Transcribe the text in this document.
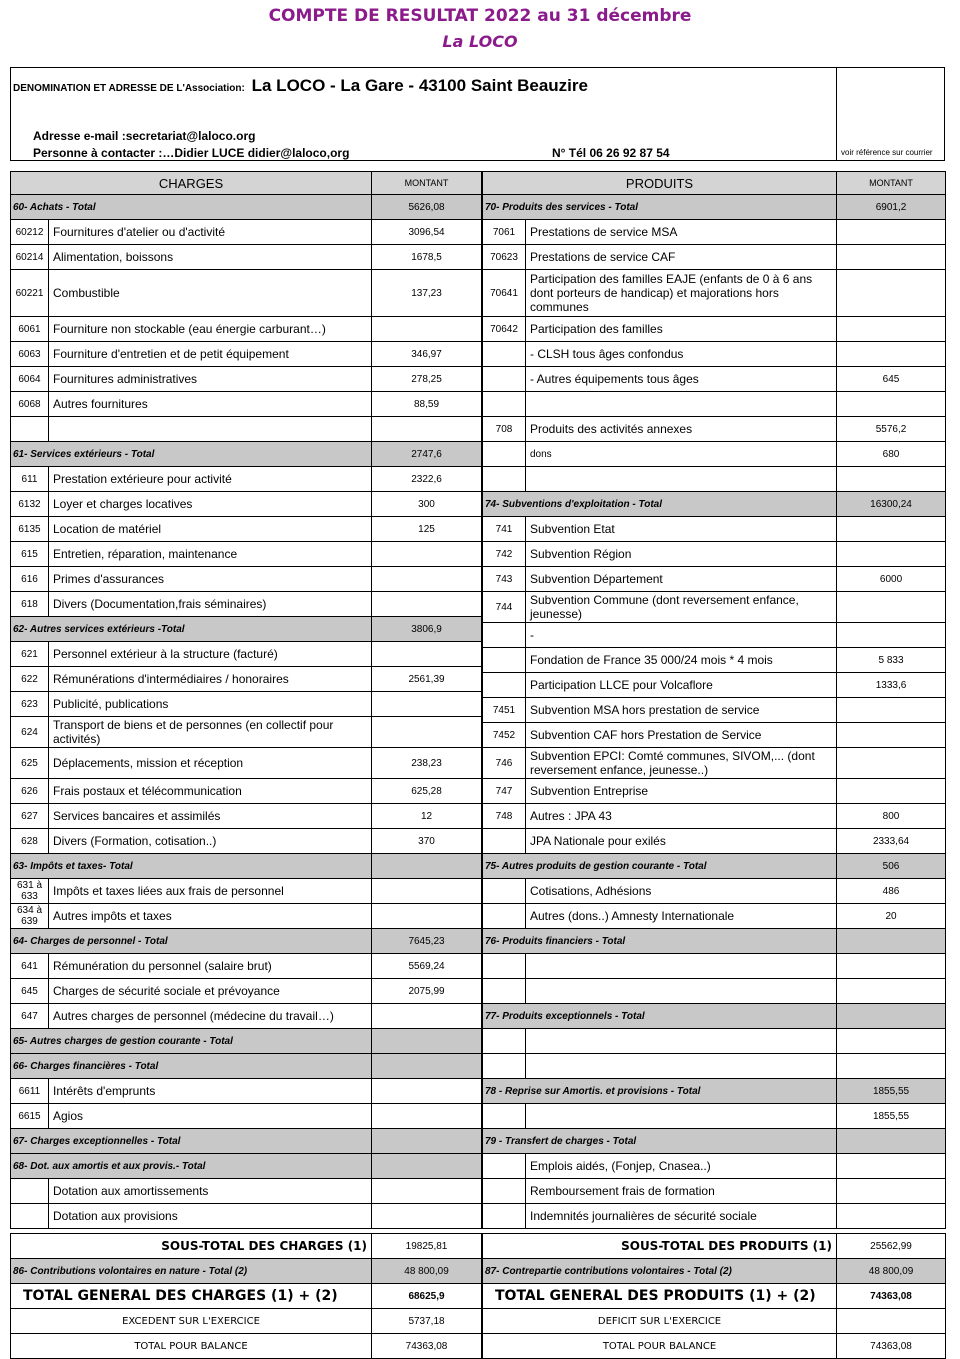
COMPTE DE RESULTAT 2022 au 31 décembre
La LOCO
DENOMINATION ET ADRESSE DE L'Association: La LOCO - La Gare - 43100 Saint Beauzire
Adresse e-mail :secretariat@laloco.org
Personne à contacter :…Didier LUCE didier@laloco,org	N° Tél 06 26 92 87 54	voir référence sur courrier
CHARGES		MONTANT
60- Achats - Total		5626,08
60212	Fournitures d'atelier ou d'activité	3096,54
60214	Alimentation, boissons	1678,5
60221	Combustible	137,23
6061	Fourniture non stockable (eau énergie carburant…)	
6063	Fourniture d'entretien et de petit équipement	346,97
6064	Fournitures administratives	278,25
6068	Autres fournitures	88,59

61- Services extérieurs - Total		2747,6
611	Prestation extérieure pour activité	2322,6
6132	Loyer et charges locatives	300
6135	Location de matériel	125
615	Entretien, réparation, maintenance	
616	Primes d'assurances	
618	Divers (Documentation,frais séminaires)	
62- Autres services extérieurs -Total		3806,9
621	Personnel extérieur à la structure (facturé)	
622	Rémunérations d'intermédiaires / honoraires	2561,39
623	Publicité, publications	
624	Transport de biens et de personnes (en collectif pour activités)	
625	Déplacements, mission et réception	238,23
626	Frais postaux et télécommunication	625,28
627	Services bancaires et assimilés	12
628	Divers (Formation, cotisation..)	370
63- Impôts et taxes- Total		
631 à 633	Impôts et taxes liées aux frais de personnel	
634 à 639	Autres impôts et taxes	
64- Charges de personnel - Total		7645,23
641	Rémunération du personnel (salaire brut)	5569,24
645	Charges de sécurité sociale et prévoyance	2075,99
647	Autres charges de personnel (médecine du travail…)	
65- Autres charges de gestion courante - Total		
66- Charges financières - Total		
6611	Intérêts d'emprunts	
6615	Agios	
67- Charges exceptionnelles - Total		
68- Dot. aux amortis et aux provis.- Total		
	Dotation aux amortissements	
	Dotation aux provisions	

SOUS-TOTAL DES CHARGES (1)		19825,81
86- Contributions volontaires en nature - Total (2)		48 800,09
TOTAL GENERAL DES CHARGES (1) + (2)		68625,9
EXCEDENT SUR L'EXERCICE		5737,18
TOTAL POUR BALANCE		74363,08
PRODUITS		MONTANT
70- Produits des services - Total		6901,2
7061	Prestations de service MSA	
70623	Prestations de service CAF	
70641	Participation des familles EAJE (enfants de 0 à 6 ans dont porteurs de handicap) et majorations hors communes	
70642	Participation des familles	
	- CLSH tous âges confondus	
	- Autres équipements tous âges	645

708	Produits des activités annexes	5576,2
	dons	680

74- Subventions d'exploitation - Total		16300,24
741	Subvention Etat	
742	Subvention Région	
743	Subvention Département	6000
744	Subvention Commune (dont reversement enfance, jeunesse)	
	-	
	Fondation de France 35 000/24 mois * 4 mois	5 833
	Participation LLCE pour Volcaflore	1333,6
7451	Subvention MSA hors prestation de service	
7452	Subvention CAF hors Prestation de Service	
746	Subvention EPCI: Comté communes, SIVOM,... (dont reversement enfance, jeunesse..)	
747	Subvention Entreprise	
748	Autres : JPA 43	800
	JPA Nationale pour exilés	2333,64
75- Autres produits de gestion courante - Total		506
	Cotisations, Adhésions	486
	Autres (dons..) Amnesty Internationale	20
76- Produits financiers - Total		

77- Produits exceptionnels - Total		

78 - Reprise sur Amortis. et provisions - Total		1855,55
		1855,55
79 - Transfert de charges - Total		
	Emplois aidés, (Fonjep, Cnasea..)	
	Remboursement frais de formation	
	Indemnités journalières de sécurité sociale	

SOUS-TOTAL DES PRODUITS (1)		25562,99
87- Contrepartie contributions volontaires - Total (2)		48 800,09
TOTAL GENERAL DES PRODUITS (1) + (2)		74363,08
DEFICIT SUR L'EXERCICE		
TOTAL POUR BALANCE		74363,08
